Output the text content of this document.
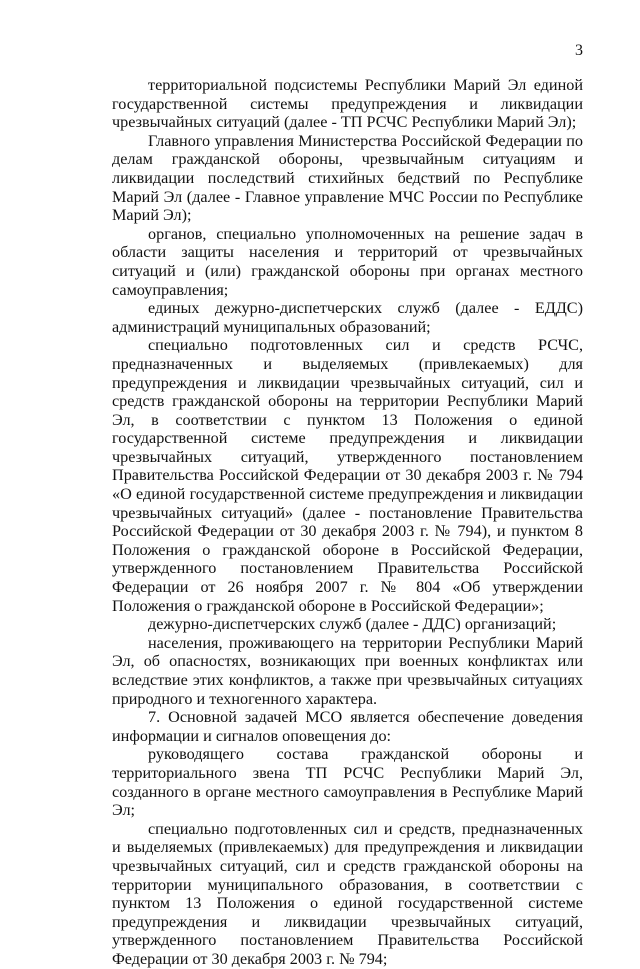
3

территориальной подсистемы Республики Марий Эл единой государственной системы предупреждения и ликвидации чрезвычайных ситуаций (далее - ТП РСЧС Республики Марий Эл);

Главного управления Министерства Российской Федерации по делам гражданской обороны, чрезвычайным ситуациям и ликвидации последствий стихийных бедствий по Республике Марий Эл (далее - Главное управление МЧС России по Республике Марий Эл);

органов, специально уполномоченных на решение задач в области защиты населения и территорий от чрезвычайных ситуаций и (или) гражданской обороны при органах местного самоуправления;

единых дежурно-диспетчерских служб (далее - ЕДДС) администраций муниципальных образований;

специально подготовленных сил и средств РСЧС, предназначенных и выделяемых (привлекаемых) для предупреждения и ликвидации чрезвычайных ситуаций, сил и средств гражданской обороны на территории Республики Марий Эл, в соответствии с пунктом 13 Положения о единой государственной системе предупреждения и ликвидации чрезвычайных ситуаций, утвержденного постановлением Правительства Российской Федерации от 30 декабря 2003 г. № 794 «О единой государственной системе предупреждения и ликвидации чрезвычайных ситуаций» (далее - постановление Правительства Российской Федерации от 30 декабря 2003 г. № 794), и пунктом 8 Положения о гражданской обороне в Российской Федерации, утвержденного постановлением Правительства Российской Федерации от 26 ноября 2007 г. № 804 «Об утверждении Положения о гражданской обороне в Российской Федерации»;

дежурно-диспетчерских служб (далее - ДДС) организаций;

населения, проживающего на территории Республики Марий Эл, об опасностях, возникающих при военных конфликтах или вследствие этих конфликтов, а также при чрезвычайных ситуациях природного и техногенного характера.

7. Основной задачей МСО является обеспечение доведения информации и сигналов оповещения до:

руководящего состава гражданской обороны и территориального звена ТП РСЧС Республики Марий Эл, созданного в органе местного самоуправления в Республике Марий Эл;

специально подготовленных сил и средств, предназначенных и выделяемых (привлекаемых) для предупреждения и ликвидации чрезвычайных ситуаций, сил и средств гражданской обороны на территории муниципального образования, в соответствии с пунктом 13 Положения о единой государственной системе предупреждения и ликвидации чрезвычайных ситуаций, утвержденного постановлением Правительства Российской Федерации от 30 декабря 2003 г. № 794;
